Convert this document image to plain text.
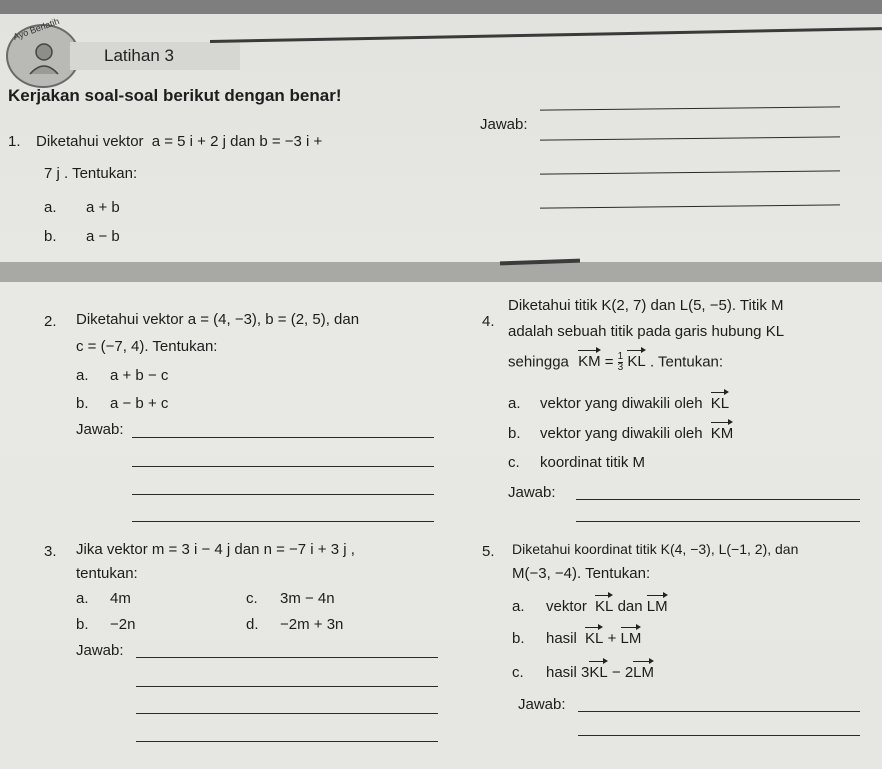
Ayo Berlatih
Latihan 3
Kerjakan soal-soal berikut dengan benar!
1. Diketahui vektor a = 5 i + 2 j dan b = −3 i +
7 j . Tentukan:
a. a + b
b. a − b
Jawab:
2. Diketahui vektor a = (4, −3), b = (2, 5), dan
c = (−7, 4). Tentukan:
a. a + b − c
b. a − b + c
Jawab:
4.
Diketahui titik K(2, 7) dan L(5, −5). Titik M
adalah sebuah titik pada garis hubung KL
sehingga KM = $\frac{1}{3}$ KL . Tentukan:
a. vektor yang diwakili oleh KL
b. vektor yang diwakili oleh KM
c. koordinat titik M
Jawab:
3. Jika vektor m = 3 i − 4 j dan n = −7 i + 3 j ,
tentukan:
a. 4m	c. 3m − 4n
b. −2n	d. −2m + 3n
Jawab:
5. Diketahui koordinat titik K(4, −3), L(−1, 2), dan
M(−3, −4). Tentukan:
a. vektor KL dan LM
b. hasil KL + LM
c. hasil 3KL − 2LM
Jawab:
